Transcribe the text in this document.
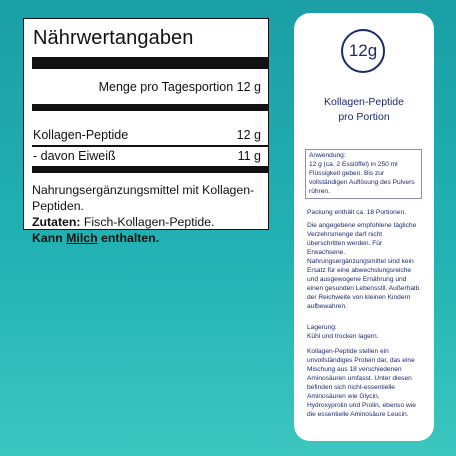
Nährwertangaben
Menge pro Tagesportion 12 g
Kollagen-Peptide	12 g
- davon Eiweiß	11 g
Nahrungsergänzungsmittel mit Kollagen-Peptiden.
Zutaten: Fisch-Kollagen-Peptide.
Kann Milch enthalten.
12g
Kollagen-Peptide
pro Portion
Anwendung:
12 g (ca. 2 Esslöffel) in 250 ml Flüssigkeit geben. Bis zur vollständigen Auflösung des Pulvers rühren.
Packung enthält ca. 18 Portionen.
Die angegebene empfohlene tägliche Verzehrsmenge darf nicht überschritten werden. Für Erwachsene. Nahrungsergänzungsmittel sind kein Ersatz für eine abwechslungsreiche und ausgewogene Ernährung und einen gesunden Lebensstil. Außerhalb der Reichweite von kleinen Kindern aufbewahren.
Lagerung:
Kühl und trocken lagern.
Kollagen-Peptide stellen ein unvollständiges Protein dar, das eine Mischung aus 18 verschiedenen Aminosäuren umfasst. Unter diesen befinden sich nicht-essentielle Aminosäuren wie Glycin, Hydroxyprolin und Prolin, ebenso wie die essentielle Aminosäure Leucin.
